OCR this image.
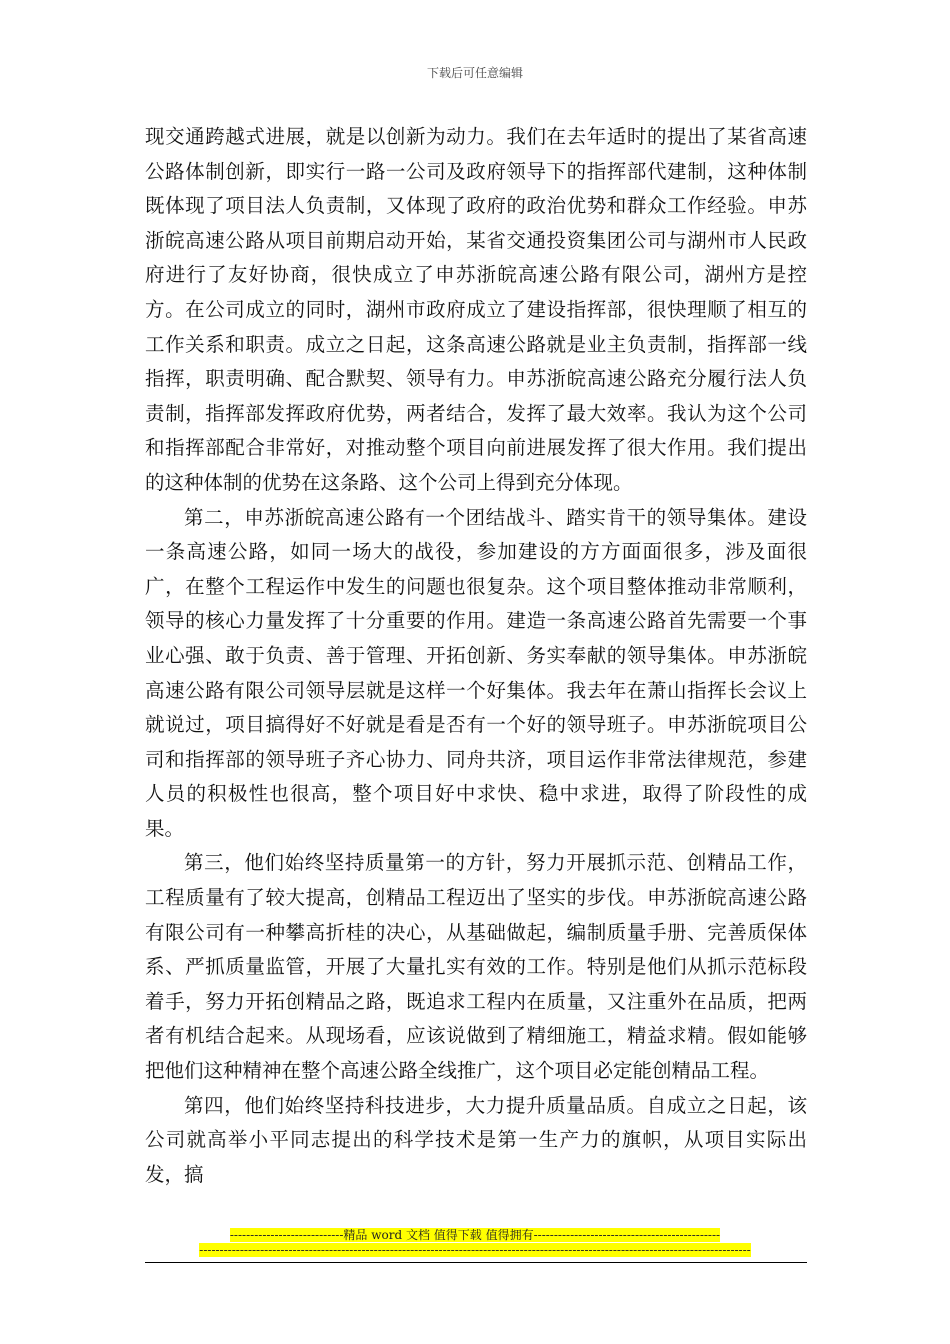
下载后可任意编辑

现交通跨越式进展，就是以创新为动力。我们在去年适时的提出了某省高速公路体制创新，即实行一路一公司及政府领导下的指挥部代建制，这种体制既体现了项目法人负责制，又体现了政府的政治优势和群众工作经验。申苏浙皖高速公路从项目前期启动开始，某省交通投资集团公司与湖州市人民政府进行了友好协商，很快成立了申苏浙皖高速公路有限公司，湖州方是控方。在公司成立的同时，湖州市政府成立了建设指挥部，很快理顺了相互的工作关系和职责。成立之日起，这条高速公路就是业主负责制，指挥部一线指挥，职责明确、配合默契、领导有力。申苏浙皖高速公路充分履行法人负责制，指挥部发挥政府优势，两者结合，发挥了最大效率。我认为这个公司和指挥部配合非常好，对推动整个项目向前进展发挥了很大作用。我们提出的这种体制的优势在这条路、这个公司上得到充分体现。

第二，申苏浙皖高速公路有一个团结战斗、踏实肯干的领导集体。建设一条高速公路，如同一场大的战役，参加建设的方方面面很多，涉及面很广，在整个工程运作中发生的问题也很复杂。这个项目整体推动非常顺利，领导的核心力量发挥了十分重要的作用。建造一条高速公路首先需要一个事业心强、敢于负责、善于管理、开拓创新、务实奉献的领导集体。申苏浙皖高速公路有限公司领导层就是这样一个好集体。我去年在萧山指挥长会议上就说过，项目搞得好不好就是看是否有一个好的领导班子。申苏浙皖项目公司和指挥部的领导班子齐心协力、同舟共济，项目运作非常法律规范，参建人员的积极性也很高，整个项目好中求快、稳中求进，取得了阶段性的成果。

第三，他们始终坚持质量第一的方针，努力开展抓示范、创精品工作，工程质量有了较大提高，创精品工程迈出了坚实的步伐。申苏浙皖高速公路有限公司有一种攀高折桂的决心，从基础做起，编制质量手册、完善质保体系、严抓质量监管，开展了大量扎实有效的工作。特别是他们从抓示范标段着手，努力开拓创精品之路，既追求工程内在质量，又注重外在品质，把两者有机结合起来。从现场看，应该说做到了精细施工，精益求精。假如能够把他们这种精神在整个高速公路全线推广，这个项目必定能创精品工程。

第四，他们始终坚持科技进步，大力提升质量品质。自成立之日起，该公司就高举小平同志提出的科学技术是第一生产力的旗帜，从项目实际出发，搞

----------------------------精品 word 文档 值得下载 值得拥有----------------------------------------------
----------------------------------------------------------------------------------------------------------------------------------------
